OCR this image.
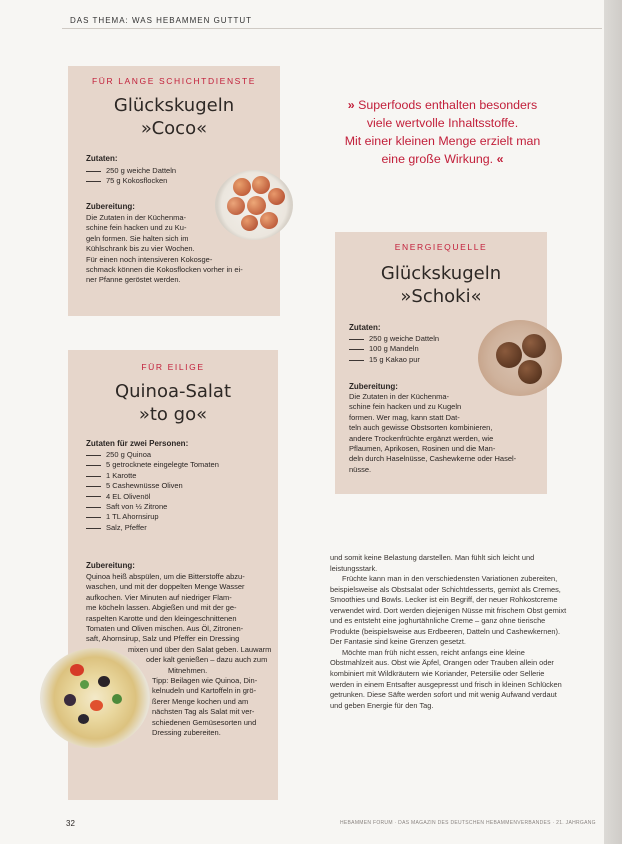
DAS THEMA: WAS HEBAMMEN GUTTUT
FÜR LANGE SCHICHTDIENSTE
Glückskugeln
»Coco«
Zutaten:
250 g weiche Datteln
75 g Kokosflocken
Zubereitung:
Die Zutaten in der Küchenma-
schine fein hacken und zu Ku-
geln formen. Sie halten sich im
Kühlschrank bis zu vier Wochen.
Für einen noch intensiveren Kokosge-
schmack können die Kokosflocken vorher in ei-
ner Pfanne geröstet werden.
» Superfoods enthalten besonders
viele wertvolle Inhaltsstoffe.
Mit einer kleinen Menge erzielt man
eine große Wirkung. «
ENERGIEQUELLE
Glückskugeln
»Schoki«
Zutaten:
250 g weiche Datteln
100 g Mandeln
15 g Kakao pur
Zubereitung:
Die Zutaten in der Küchenma-
schine fein hacken und zu Kugeln
formen. Wer mag, kann statt Dat-
teln auch gewisse Obstsorten kombinieren,
andere Trockenfrüchte ergänzt werden, wie
Pflaumen, Aprikosen, Rosinen und die Man-
deln durch Haselnüsse, Cashewkerne oder Hasel-
nüsse.
FÜR EILIGE
Quinoa-Salat
»to go«
Zutaten für zwei Personen:
250 g Quinoa
5 getrocknete eingelegte Tomaten
1 Karotte
5 Cashewnüsse Oliven
4 EL Olivenöl
Saft von ½ Zitrone
1 TL Ahornsirup
Salz, Pfeffer
Zubereitung:
Quinoa heiß abspülen, um die Bitterstoffe abzu-
waschen, und mit der doppelten Menge Wasser
aufkochen. Vier Minuten auf niedriger Flam-
me köcheln lassen. Abgießen und mit der ge-
raspelten Karotte und den kleingeschnittenen
Tomaten und Oliven mischen. Aus Öl, Zitronen-
saft, Ahornsirup, Salz und Pfeffer ein Dressing
mixen und über den Salat geben. Lauwarm
oder kalt genießen – dazu auch zum
Mitnehmen.
Tipp: Beilagen wie Quinoa, Din-
kelnudeln und Kartoffeln in grö-
ßerer Menge kochen und am
nächsten Tag als Salat mit ver-
schiedenen Gemüsesorten und
Dressing zubereiten.

und somit keine Belastung darstellen. Man fühlt sich leicht und leistungsstark.

Früchte kann man in den verschiedensten Variationen zubereiten, beispielsweise als Obstsalat oder Schichtdesserts, gemixt als Cremes, Smoothies und Bowls. Lecker ist ein Begriff, der neuer Rohkostcreme verwendet wird. Dort werden diejenigen Nüsse mit frischem Obst gemixt und es entsteht eine joghurtähnliche Creme – ganz ohne tierische Produkte (beispielsweise aus Erdbeeren, Datteln und Cashewkernen). Der Fantasie sind keine Grenzen gesetzt.

Möchte man früh nicht essen, reicht anfangs eine kleine Obstmahlzeit aus. Obst wie Äpfel, Orangen oder Trauben allein oder kombiniert mit Wildkräutern wie Koriander, Petersilie oder Sellerie werden in einem Entsafter ausgepresst und frisch in kleinen Schlücken getrunken. Diese Säfte werden sofort und mit wenig Aufwand verdaut und geben Energie für den Tag.

32	HEBAMMEN FORUM · DAS MAGAZIN DES DEUTSCHEN HEBAMMENVERBANDES · 21. JAHRGANG
